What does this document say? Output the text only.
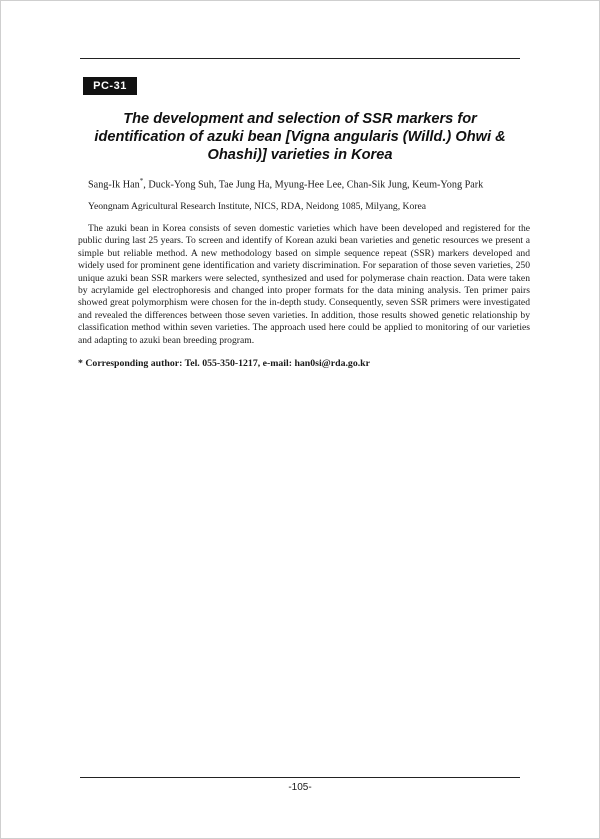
PC-31
The development and selection of SSR markers for identification of azuki bean [Vigna angularis (Willd.) Ohwi & Ohashi)] varieties in Korea
Sang-Ik Han*, Duck-Yong Suh, Tae Jung Ha, Myung-Hee Lee, Chan-Sik Jung, Keum-Yong Park
Yeongnam Agricultural Research Institute, NICS, RDA, Neidong 1085, Milyang, Korea

The azuki bean in Korea consists of seven domestic varieties which have been developed and registered for the public during last 25 years. To screen and identify of Korean azuki bean varieties and genetic resources we present a simple but reliable method. A new methodology based on simple sequence repeat (SSR) markers developed and widely used for prominent gene identification and variety discrimination. For separation of those seven varieties, 250 unique azuki bean SSR markers were selected, synthesized and used for polymerase chain reaction. Data were taken by acrylamide gel electrophoresis and changed into proper formats for the data mining analysis. Ten primer pairs showed great polymorphism were chosen for the in-depth study. Consequently, seven SSR primers were investigated and revealed the differences between those seven varieties. In addition, those results showed genetic relationship by classification method within seven varieties. The approach used here could be applied to monitoring of our varieties and adapting to azuki bean breeding program.

* Corresponding author: Tel. 055-350-1217, e-mail: han0si@rda.go.kr
-105-
